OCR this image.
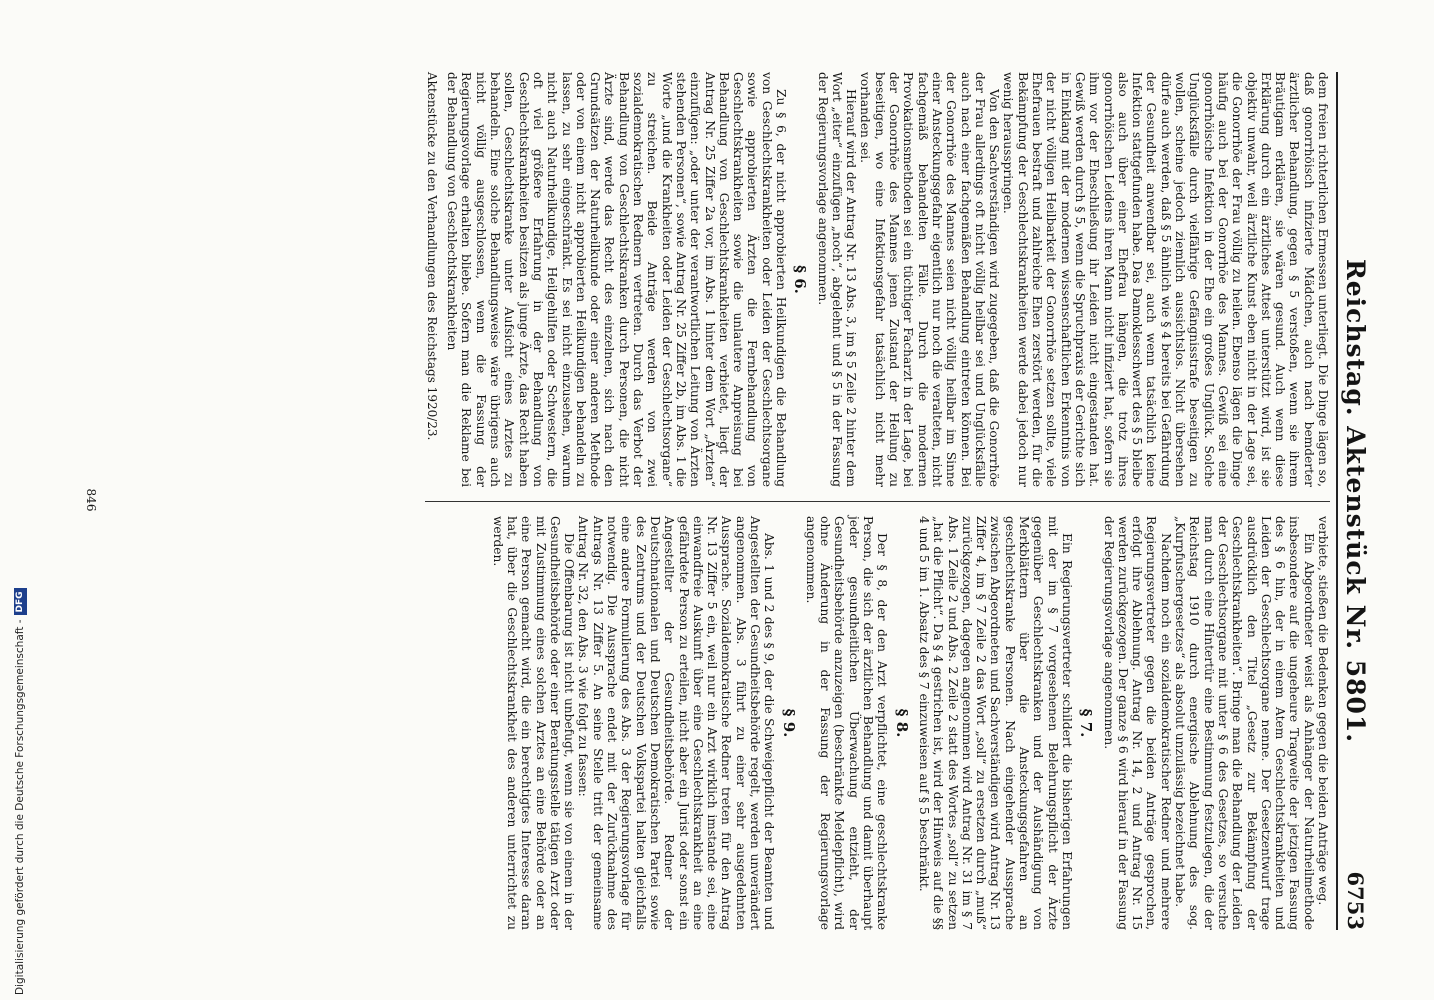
Reichstag. Aktenstück Nr. 5801.
6753

dem freien richterlichen Ermessen unterliegt. Die Dinge lägen so, daß gonorrhöisch infizierte Mädchen, auch nach bemderter ärztlicher Behandlung, gegen § 5 verstoßen, wenn sie ihrem Bräutigam erklären, sie wären gesund. Auch wenn diese Erklärung durch ein ärztliches Attest unterstützt wird, ist sie objektiv unwahr, weil ärztliche Kunst eben nicht in der Lage sei, die Gonorrhöe der Frau völlig zu heilen. Ebenso lägen die Dinge häufig auch bei der Gonorrhöe des Mannes. Gewiß sei eine gonorrhöische Infektion in der Ehe ein großes Unglück. Solche Unglücksfälle durch vielfährige Gefängnisstrafe beseitigen zu wollen, scheine jedoch ziemlich aussichtslos. Nicht übersehen dürfe auch werden, daß § 5 ähnlich wie § 4 bereits bei Gefährdung der Gesundheit anwendbar sei, auch wenn tatsächlich keine Infektion stattgefunden habe. Das Damoklesschwert des § 5 bleibe also auch über einer Ehefrau hängen, die trotz ihres gonorrhöischen Leidens ihren Mann nicht infiziert hat, sofern sie ihm vor der Eheschließung ihr Leiden nicht eingestanden hat. Gewiß werden durch § 5, wenn die Spruchpraxis der Gerichte sich in Einklang mit der modernen wissenschaftlichen Erkenntnis von der nicht völligen Heilbarkeit der Gonorrhöe setzen sollte, viele Ehefrauen bestraft und zahlreiche Ehen zerstört werden, für die Bekämpfung der Geschlechtskrankheiten werde dabei jedoch nur wenig herausspringen.

Von den Sachverständigen wird zugegeben, daß die Gonorrhöe der Frau allerdings oft nicht völlig heilbar sei und Unglücksfälle auch nach einer fachgemäßen Behandlung eintreten können. Bei der Gonorrhöe des Mannes seien nicht völlig heilbar im Sinne einer Ansteckungsgefahr eigentlich nur noch die veralteten, nicht fachgemäß behandelten Fälle. Durch die modernen Provokationsmethoden sei ein tüchtiger Facharzt in der Lage, bei der Gonorrhöe des Mannes jenen Zustand der Heilung zu beseitigen, wo eine Infektionsgefahr tatsächlich nicht mehr vorhanden sei.

Hierauf wird der Antrag Nr. 13 Abs. 3, im § 5 Zeile 2 hinter dem Wort „eiter“ einzufügen „noch“, abgelehnt und § 5 in der Fassung der Regierungsvorlage angenommen.

§ 6.

Zu § 6, der nicht approbierten Heilkundigen die Behandlung von Geschlechtskrankheiten oder Leiden der Geschlechtsorgane sowie approbierten Ärzten die Fernbehandlung von Geschlechtskrankheiten sowie die unlautere Anpreisung bei Behandlung von Geschlechtskrankheiten verbietet, liegt der Antrag Nr. 25 Ziffer 2a vor, im Abs. 1 hinter dem Wort „Ärzten“ einzufügen: „oder unter der verantwortlichen Leitung von Ärzten stehenden Personen“, sowie Antrag Nr. 25 Ziffer 2b, im Abs. 1 die Worte „und die Krankheiten oder Leiden der Geschlechtsorgane“ zu streichen. Beide Anträge werden von zwei sozialdemokratischen Rednern vertreten. Durch das Verbot der Behandlung von Geschlechtskranken durch Personen, die nicht Ärzte sind, werde das Recht des einzelnen, sich nach den Grundsätzen der Naturheilkunde oder einer anderen Methode oder von einem nicht approbierten Heilkundigen behandeln zu lassen, zu sehr eingeschränkt. Es sei nicht einzusehen, warum nicht auch Naturheilkundige, Heilgehilfen oder Schwestern, die oft viel größere Erfahrung in der Behandlung von Geschlechtskrankheiten besitzen als junge Ärzte, das Recht haben sollen, Geschlechtskranke unter Aufsicht eines Arztes zu behandeln. Eine solche Behandlungsweise wäre übrigens auch nicht völlig ausgeschlossen, wenn die Fassung der Regierungsvorlage erhalten bliebe. Sofern man die Reklame bei der Behandlung von Geschlechtskrankheiten

Aktenstücke zu den Verhandlungen des Reichstags 1920/23.

verbiete, stießen die Bedenken gegen die beiden Anträge weg.

Ein Abgeordneter weist als Anhänger der Naturheilmethode insbesondere auf die ungeheure Tragweite der jetzigen Fassung des § 6 hin, der in einem Atem Geschlechtskrankheiten und Leiden der Geschlechtsorgane nenne. Der Gesetzentwurf trage ausdrücklich den Titel „Gesetz zur Bekämpfung der Geschlechtskrankheiten“. Bringe man die Behandlung der Leiden der Geschlechtsorgane mit unter § 6 des Gesetzes, so versuche man durch eine Hintertür eine Bestimmung festzulegen, die der Reichstag 1910 durch energische Ablehnung des sog. „Kurpfuschergesetzes“ als absolut unzulässig bezeichnet habe.

Nachdem noch ein sozialdemokratischer Redner und mehrere Regierungsvertreter gegen die beiden Anträge gesprochen, erfolgt ihre Ablehnung. Antrag Nr. 14, 2 und Antrag Nr. 15 werden zurückgezogen. Der ganze § 6 wird hierauf in der Fassung der Regierungsvorlage angenommen.

§ 7.

Ein Regierungsvertreter schildert die bisherigen Erfahrungen mit der im § 7 vorgesehenen Belehrungspflicht der Ärzte gegenüber Geschlechtskranken und der Aushändigung von Merkblättern über die Ansteckungsgefahren an geschlechtskranke Personen. Nach eingehender Aussprache zwischen Abgeordneten und Sachverständigen wird Antrag Nr. 13 Ziffer 4, im § 7 Zeile 2 das Wort „soll“ zu ersetzen durch „muß“ zurückgezogen, dagegen angenommen wird Antrag Nr. 31 im § 7 Abs. 1 Zeile 2 und Abs. 2 Zeile 2 statt des Wortes „soll“ zu setzen „hat die Pflicht“. Da § 4 gestrichen ist, wird der Hinweis auf die §§ 4 und 5 im 1. Absatz des § 7 einzuweisen auf § 5 beschränkt.

§ 8.

Der § 8, der den Arzt verpflichtet, eine geschlechtskranke Person, die sich der ärztlichen Behandlung und damit überhaupt jeder gesundheitlichen Überwachung entzieht, der Gesundheitsbehörde anzuzeigen (beschränkte Meldepflicht), wird ohne Änderung in der Fassung der Regierungsvorlage angenommen.

§ 9.

Abs. 1 und 2 des § 9, der die Schweigepflicht der Beamten und Angestellten der Gesundheitsbehörde regelt, werden unverändert angenommen. Abs. 3 führt zu einer sehr ausgedehnten Aussprache. Sozialdemokratische Redner treten für den Antrag Nr. 13 Ziffer 5 ein, weil nur ein Arzt wirklich imstande sei, eine einwandfreie Auskunft über eine Geschlechtskrankheit an eine gefährdete Person zu erteilen, nicht aber ein Jurist oder sonst ein Angestellter der Gesundheitsbehörde. Redner der Deutschnationalen und Deutschen Demokratischen Partei sowie des Zentrums und der Deutschen Volkspartei halten gleichfalls eine andere Formulierung des Abs. 3 der Regierungsvorlage für notwendig. Die Aussprache endet mit der Zurücknahme des Antrags Nr. 13 Ziffer 5. An seine Stelle tritt der gemeinsame Antrag Nr. 32, den Abs. 3 wie folgt zu fassen:

Die Offenbarung ist nicht unbefugt, wenn sie von einem in der Gesundheitsbehörde oder einer Beratungsstelle tätigen Arzt oder mit Zustimmung eines solchen Arztes an eine Behörde oder an eine Person gemacht wird, die ein berechtigtes Interesse daran hat, über die Geschlechtskrankheit des anderen unterrichtet zu werden.

846
Digitalisierung gefördert durch die Deutsche Forschungsgemeinschaft -
DFG
